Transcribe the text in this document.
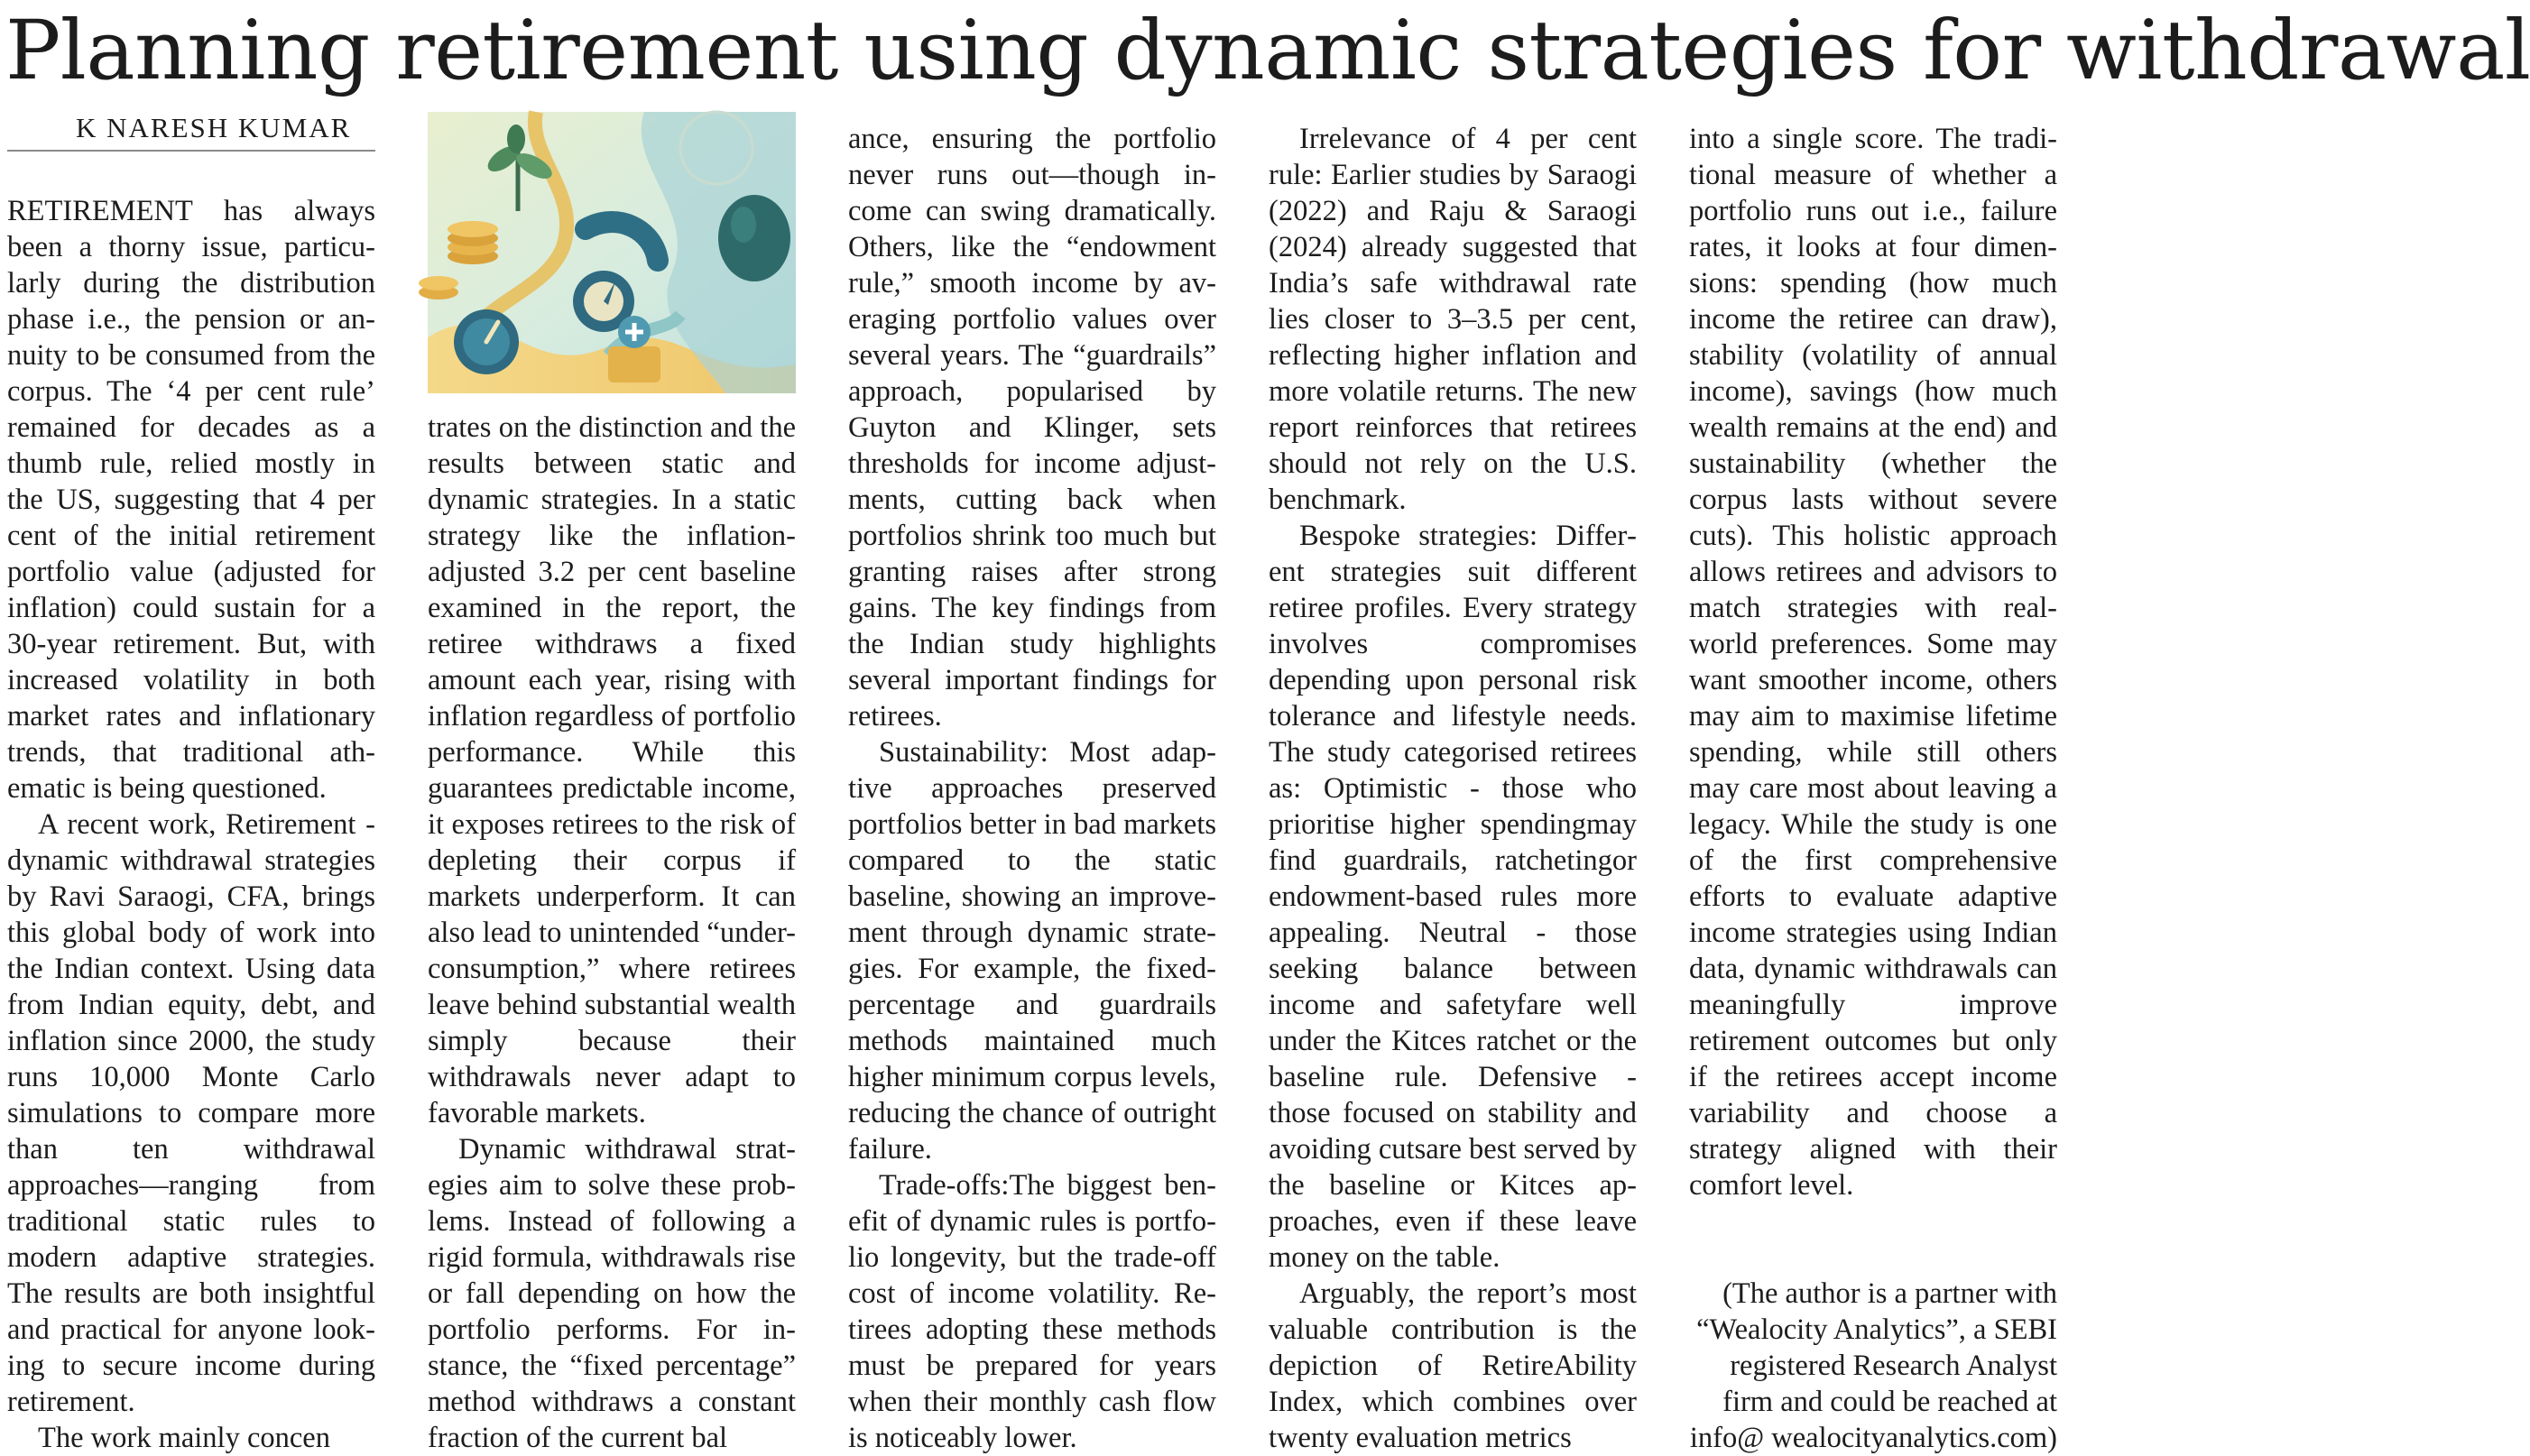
Planning retirement using dynamic strategies for withdrawal
K NARESH KUMAR

RETIREMENT has always been a thorny issue, particularly during the distribution phase i.e., the pension or annuity to be consumed from the corpus. The ‘4 per cent rule’ remained for decades as a thumb rule, relied mostly in the US, suggesting that 4 per cent of the initial retirement portfolio value (adjusted for inflation) could sustain for a 30-year retirement. But, with increased volatility in both market rates and inflationary trends, that traditional athematic is being questioned.

A recent work, Retirement - dynamic withdrawal strategies by Ravi Saraogi, CFA, brings this global body of work into the Indian context. Using data from Indian equity, debt, and inflation since 2000, the study runs 10,000 Monte Carlo simulations to compare more than ten withdrawal approaches—ranging from traditional static rules to modern adaptive strategies. The results are both insightful and practical for anyone looking to secure income during retirement.

The work mainly concen

trates on the distinction and the results between static and dynamic strategies. In a static strategy like the inflation-adjusted 3.2 per cent baseline examined in the report, the retiree withdraws a fixed amount each year, rising with inflation regardless of portfolio performance. While this guarantees predictable income, it exposes retirees to the risk of depleting their corpus if markets underperform. It can also lead to unintended “under-consumption,” where retirees leave behind substantial wealth simply because their withdrawals never adapt to favorable markets.

Dynamic withdrawal strategies aim to solve these problems. Instead of following a rigid formula, withdrawals rise or fall depending on how the portfolio performs. For instance, the “fixed percentage” method withdraws a constant fraction of the current bal

ance, ensuring the portfolio never runs out—though income can swing dramatically. Others, like the “endowment rule,” smooth income by averaging portfolio values over several years. The “guardrails” approach, popularised by Guyton and Klinger, sets thresholds for income adjustments, cutting back when portfolios shrink too much but granting raises after strong gains. The key findings from the Indian study highlights several important findings for retirees.

Sustainability: Most adaptive approaches preserved portfolios better in bad markets compared to the static baseline, showing an improvement through dynamic strategies. For example, the fixed-percentage and guardrails methods maintained much higher minimum corpus levels, reducing the chance of outright failure.

Trade-offs:The biggest benefit of dynamic rules is portfolio longevity, but the trade-off cost of income volatility. Retirees adopting these methods must be prepared for years when their monthly cash flow is noticeably lower.

Irrelevance of 4 per cent rule: Earlier studies by Saraogi (2022) and Raju & Saraogi (2024) already suggested that India’s safe withdrawal rate lies closer to 3–3.5 per cent, reflecting higher inflation and more volatile returns. The new report reinforces that retirees should not rely on the U.S. benchmark.

Bespoke strategies: Different strategies suit different retiree profiles. Every strategy involves compromises depending upon personal risk tolerance and lifestyle needs. The study categorised retirees as: Optimistic - those who prioritise higher spendingmay find guardrails, ratchetingor endowment-based rules more appealing. Neutral - those seeking balance between income and safetyfare well under the Kitces ratchet or the baseline rule. Defensive - those focused on stability and avoiding cutsare best served by the baseline or Kitces approaches, even if these leave money on the table.

Arguably, the report’s most valuable contribution is the depiction of RetireAbility Index, which combines over twenty evaluation metrics

into a single score. The traditional measure of whether a portfolio runs out i.e., failure rates, it looks at four dimensions: spending (how much income the retiree can draw), stability (volatility of annual income), savings (how much wealth remains at the end) and sustainability (whether the corpus lasts without severe cuts). This holistic approach allows retirees and advisors to match strategies with real-world preferences. Some may want smoother income, others may aim to maximise lifetime spending, while still others may care most about leaving a legacy. While the study is one of the first comprehensive efforts to evaluate adaptive income strategies using Indian data, dynamic withdrawals can meaningfully improve retirement outcomes but only if the retirees accept income variability and choose a strategy aligned with their comfort level.

(The author is a partner with “Wealocity Analytics”, a SEBI registered Research Analyst firm and could be reached at info@ wealocityanalytics.com)
